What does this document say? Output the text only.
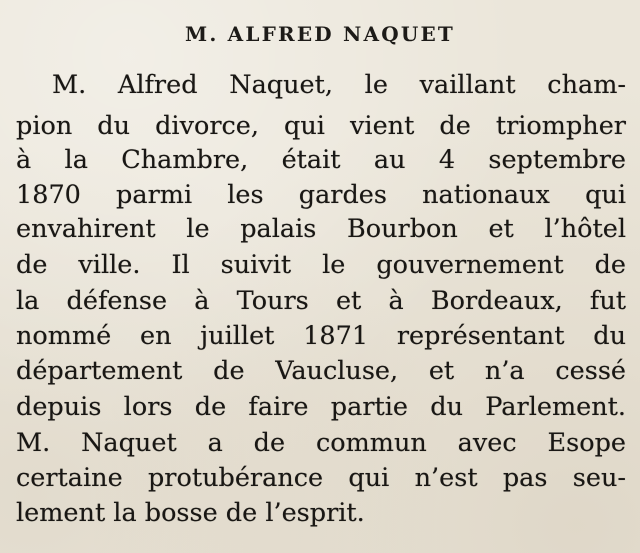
M. ALFRED NAQUET
M. Alfred Naquet, le vaillant cham-
pion du divorce, qui vient de triompher
à la Chambre, était au 4 septembre
1870 parmi les gardes nationaux qui
envahirent le palais Bourbon et l’hôtel
de ville. Il suivit le gouvernement de
la défense à Tours et à Bordeaux, fut
nommé en juillet 1871 représentant du
département de Vaucluse, et n’a cessé
depuis lors de faire partie du Parlement.
M. Naquet a de commun avec Esope
certaine protubérance qui n’est pas seu-
lement la bosse de l’esprit.
